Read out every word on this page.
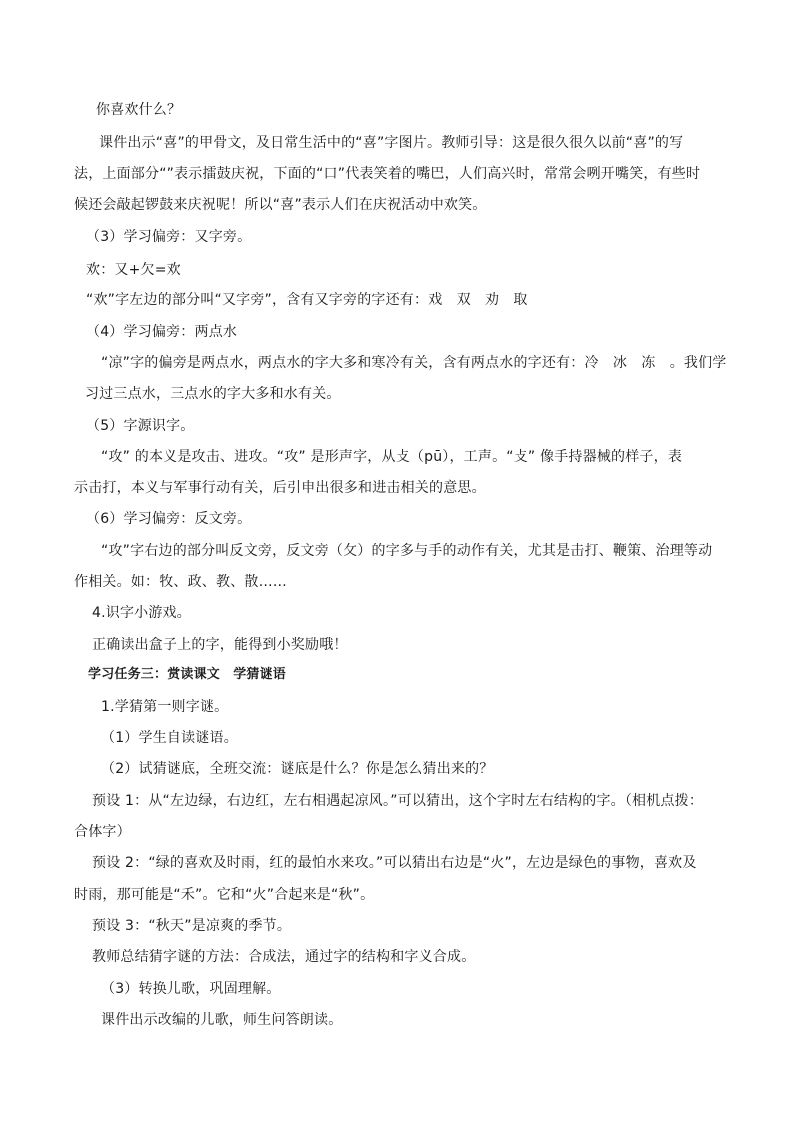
你喜欢什么？
课件出示“喜”的甲骨文，及日常生活中的“喜”字图片。教师引导：这是很久很久以前“喜”的写
法，上面部分“”表示擂鼓庆祝，下面的“口”代表笑着的嘴巴，人们高兴时，常常会咧开嘴笑，有些时
候还会敲起锣鼓来庆祝呢！所以“喜”表示人们在庆祝活动中欢笑。
（3）学习偏旁：又字旁。
欢：又+欠=欢
“欢”字左边的部分叫“又字旁”，含有又字旁的字还有：戏　双　劝　取
（4）学习偏旁：两点水
“凉”字的偏旁是两点水，两点水的字大多和寒冷有关，含有两点水的字还有：冷　冰　冻　。我们学
习过三点水，三点水的字大多和水有关。
（5）字源识字。
“攻” 的本义是攻击、进攻。“攻” 是形声字，从攴（pū），工声。“攴” 像手持器械的样子，表
示击打，本义与军事行动有关，后引申出很多和进击相关的意思。
（6）学习偏旁：反文旁。
“攻”字右边的部分叫反文旁，反文旁（攵）的字多与手的动作有关，尤其是击打、鞭策、治理等动
作相关。如：牧、政、教、散……
4.识字小游戏。
正确读出盒子上的字，能得到小奖励哦！
学习任务三：赏读课文　学猜谜语
1.学猜第一则字谜。
（1）学生自读谜语。
（2）试猜谜底，全班交流：谜底是什么？你是怎么猜出来的？
预设 1：从“左边绿，右边红，左右相遇起凉风。”可以猜出，这个字时左右结构的字。（相机点拨：
合体字）
预设 2：“绿的喜欢及时雨，红的最怕水来攻。”可以猜出右边是“火”，左边是绿色的事物，喜欢及
时雨，那可能是“禾”。它和“火”合起来是“秋”。
预设 3：“秋天”是凉爽的季节。
教师总结猜字谜的方法：合成法，通过字的结构和字义合成。
（3）转换儿歌，巩固理解。
课件出示改编的儿歌，师生问答朗读。
